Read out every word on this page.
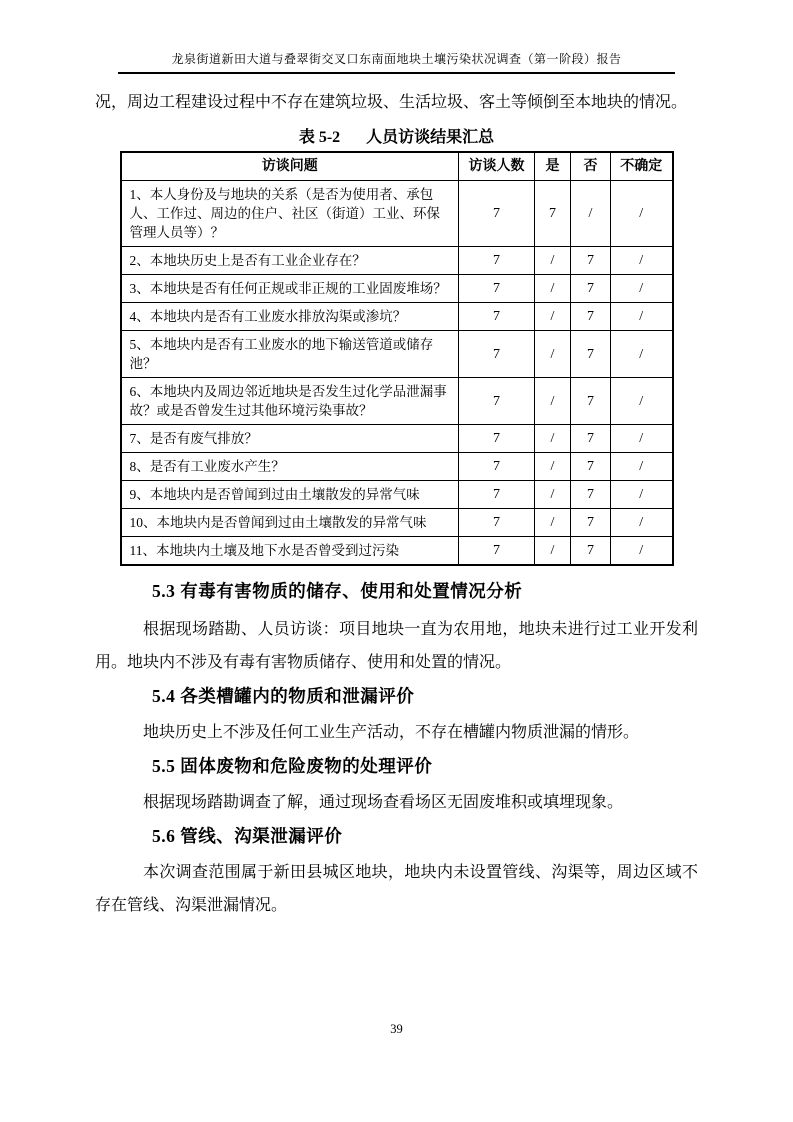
龙泉街道新田大道与叠翠街交叉口东南面地块土壤污染状况调查（第一阶段）报告

况，周边工程建设过程中不存在建筑垃圾、生活垃圾、客土等倾倒至本地块的情况。

表 5-2 人员访谈结果汇总
访谈问题	访谈人数	是	否	不确定
1、本人身份及与地块的关系（是否为使用者、承包人、工作过、周边的住户、社区（街道）工业、环保管理人员等）？	7	7	/	/
2、本地块历史上是否有工业企业存在？	7	/	7	/
3、本地块是否有任何正规或非正规的工业固废堆场？	7	/	7	/
4、本地块内是否有工业废水排放沟渠或渗坑？	7	/	7	/
5、本地块内是否有工业废水的地下输送管道或储存池？	7	/	7	/
6、本地块内及周边邻近地块是否发生过化学品泄漏事故？或是否曾发生过其他环境污染事故？	7	/	7	/
7、是否有废气排放？	7	/	7	/
8、是否有工业废水产生？	7	/	7	/
9、本地块内是否曾闻到过由土壤散发的异常气味	7	/	7	/
10、本地块内是否曾闻到过由土壤散发的异常气味	7	/	7	/
11、本地块内土壤及地下水是否曾受到过污染	7	/	7	/
5.3 有毒有害物质的储存、使用和处置情况分析

根据现场踏勘、人员访谈：项目地块一直为农用地，地块未进行过工业开发利用。地块内不涉及有毒有害物质储存、使用和处置的情况。

5.4 各类槽罐内的物质和泄漏评价

地块历史上不涉及任何工业生产活动，不存在槽罐内物质泄漏的情形。

5.5 固体废物和危险废物的处理评价

根据现场踏勘调查了解，通过现场查看场区无固废堆积或填埋现象。

5.6 管线、沟渠泄漏评价

本次调查范围属于新田县城区地块，地块内未设置管线、沟渠等，周边区域不存在管线、沟渠泄漏情况。

39
